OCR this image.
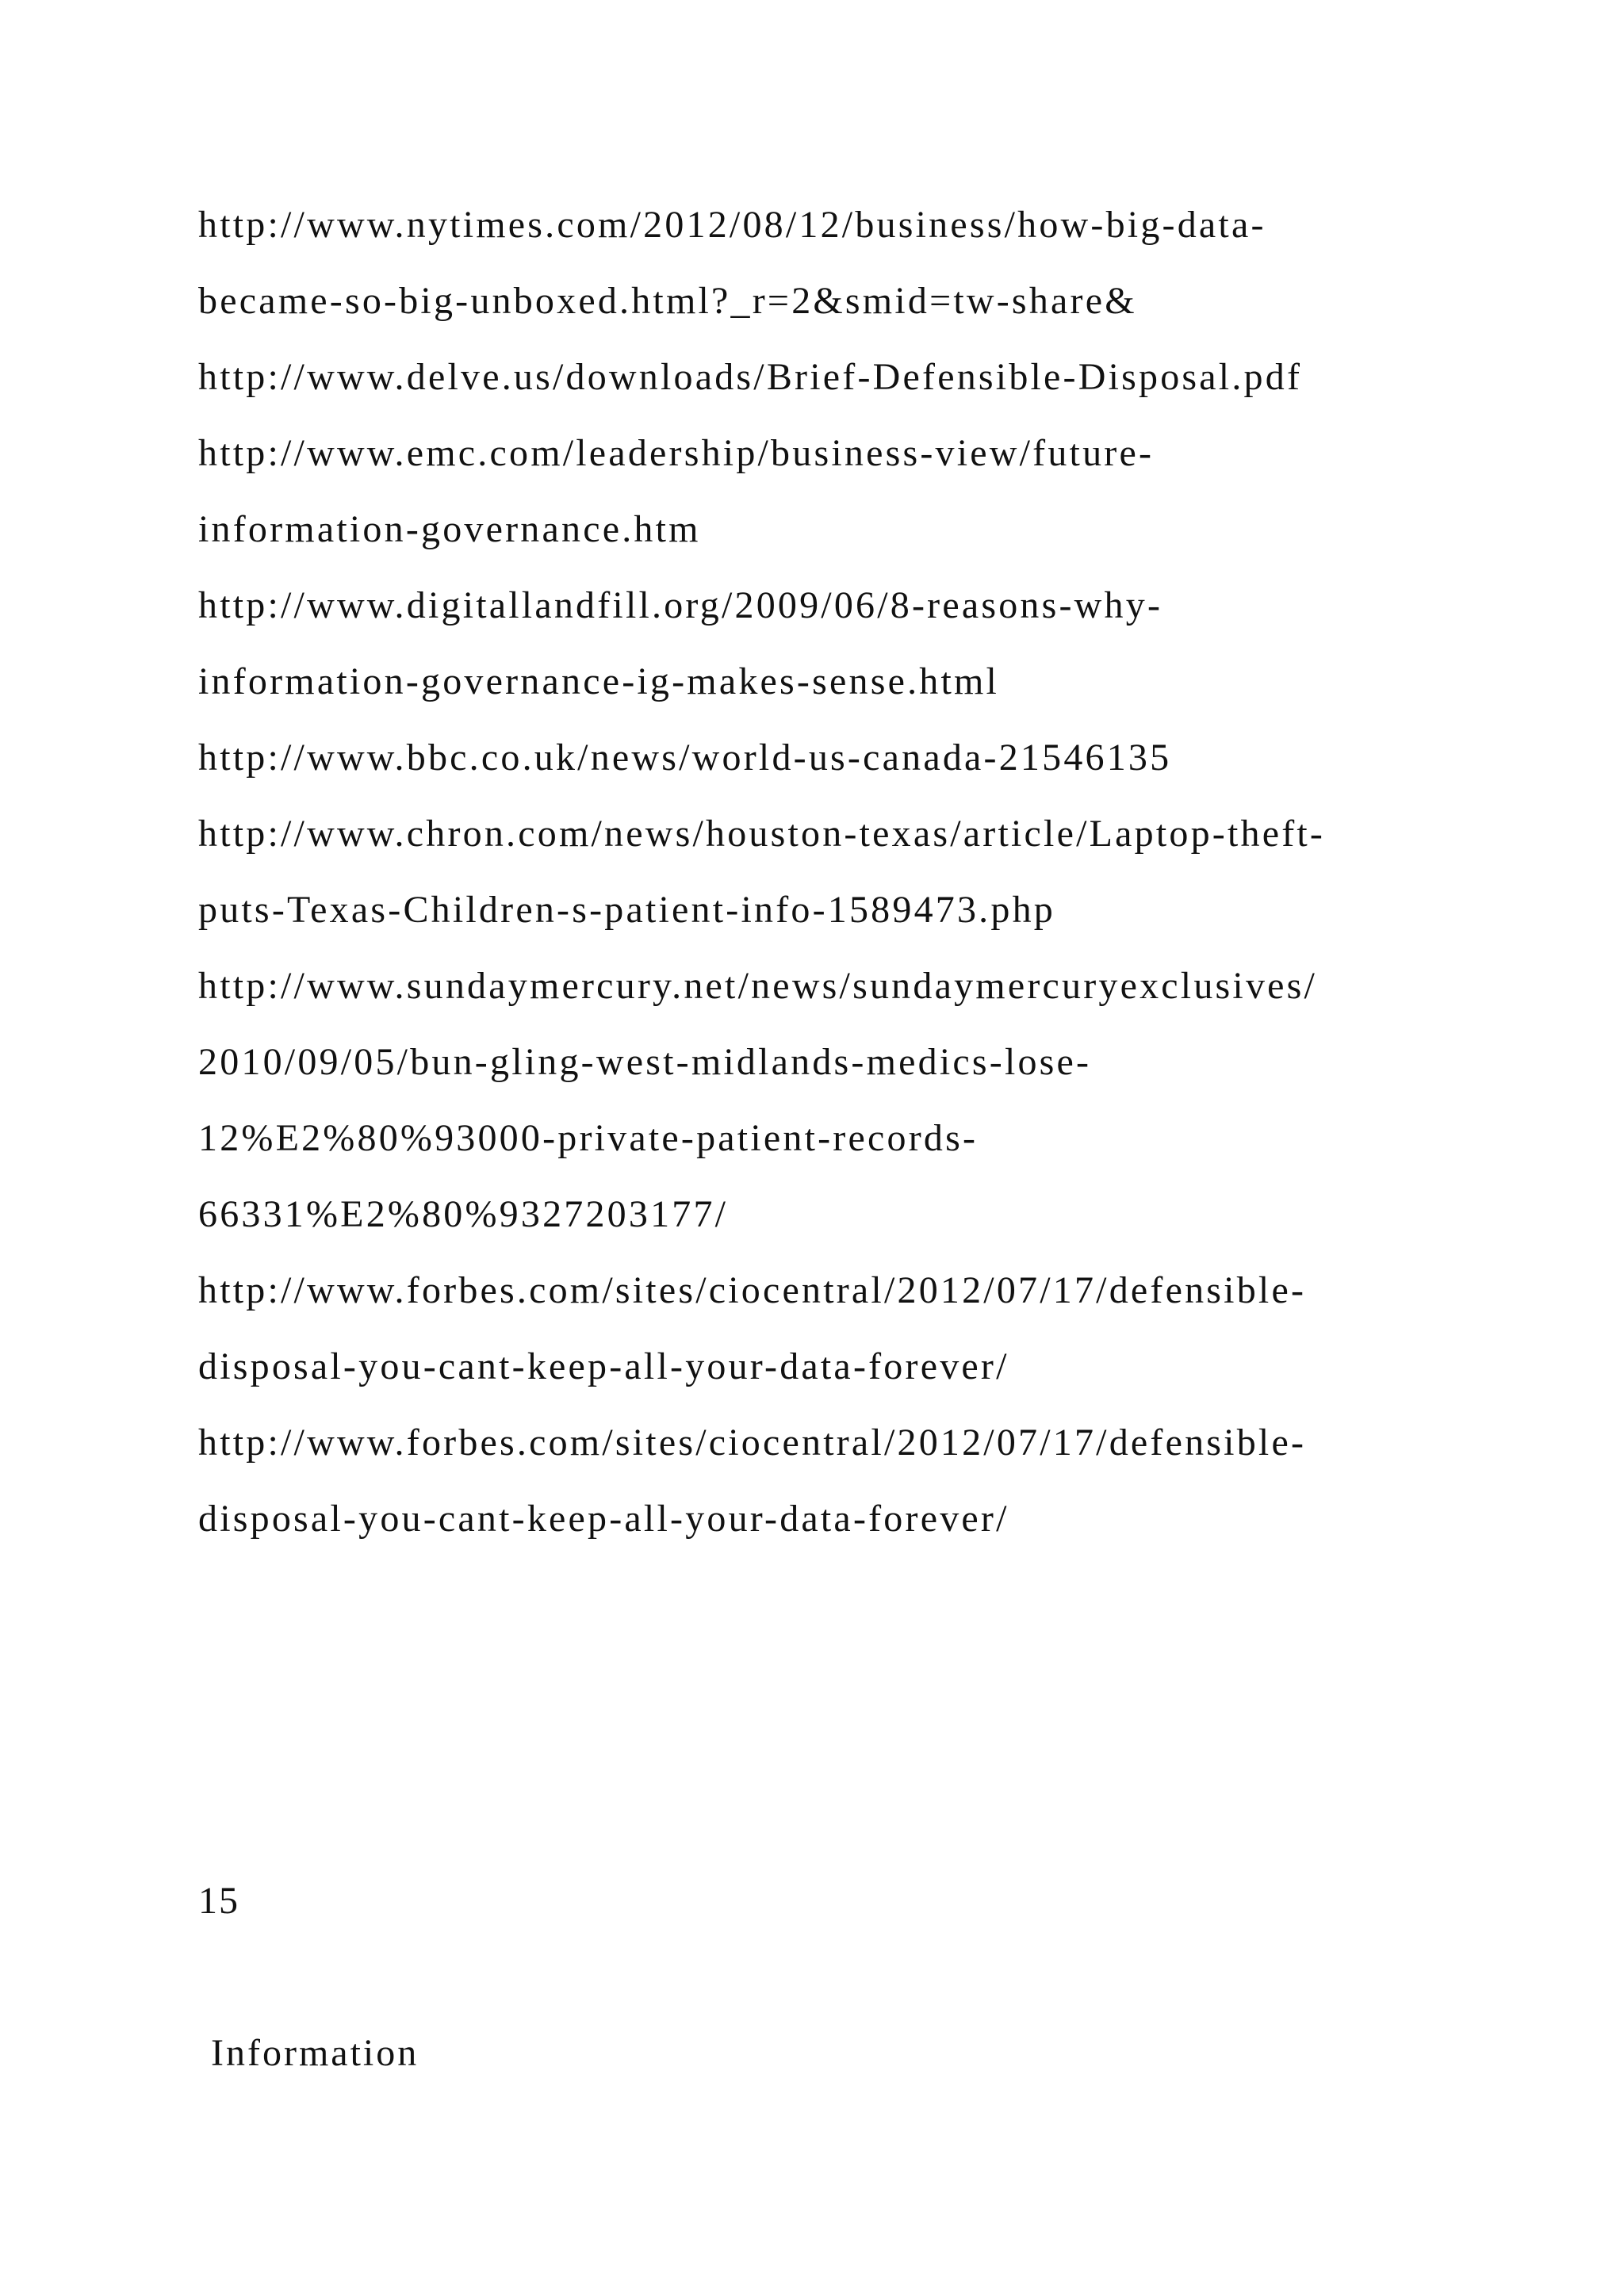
http://www.nytimes.com/2012/08/12/business/how-big-data-
became-so-big-unboxed.html?_r=2&smid=tw-share&
http://www.delve.us/downloads/Brief-Defensible-Disposal.pdf
http://www.emc.com/leadership/business-view/future-
information-governance.htm
http://www.digitallandfill.org/2009/06/8-reasons-why-
information-governance-ig-makes-sense.html
http://www.bbc.co.uk/news/world-us-canada-21546135
http://www.chron.com/news/houston-texas/article/Laptop-theft-
puts-Texas-Children-s-patient-info-1589473.php
http://www.sundaymercury.net/news/sundaymercuryexclusives/
2010/09/05/bun-gling-west-midlands-medics-lose-
12%E2%80%93000-private-patient-records-
66331%E2%80%9327203177/
http://www.forbes.com/sites/ciocentral/2012/07/17/defensible-
disposal-you-cant-keep-all-your-data-forever/
http://www.forbes.com/sites/ciocentral/2012/07/17/defensible-
disposal-you-cant-keep-all-your-data-forever/
15
Information
